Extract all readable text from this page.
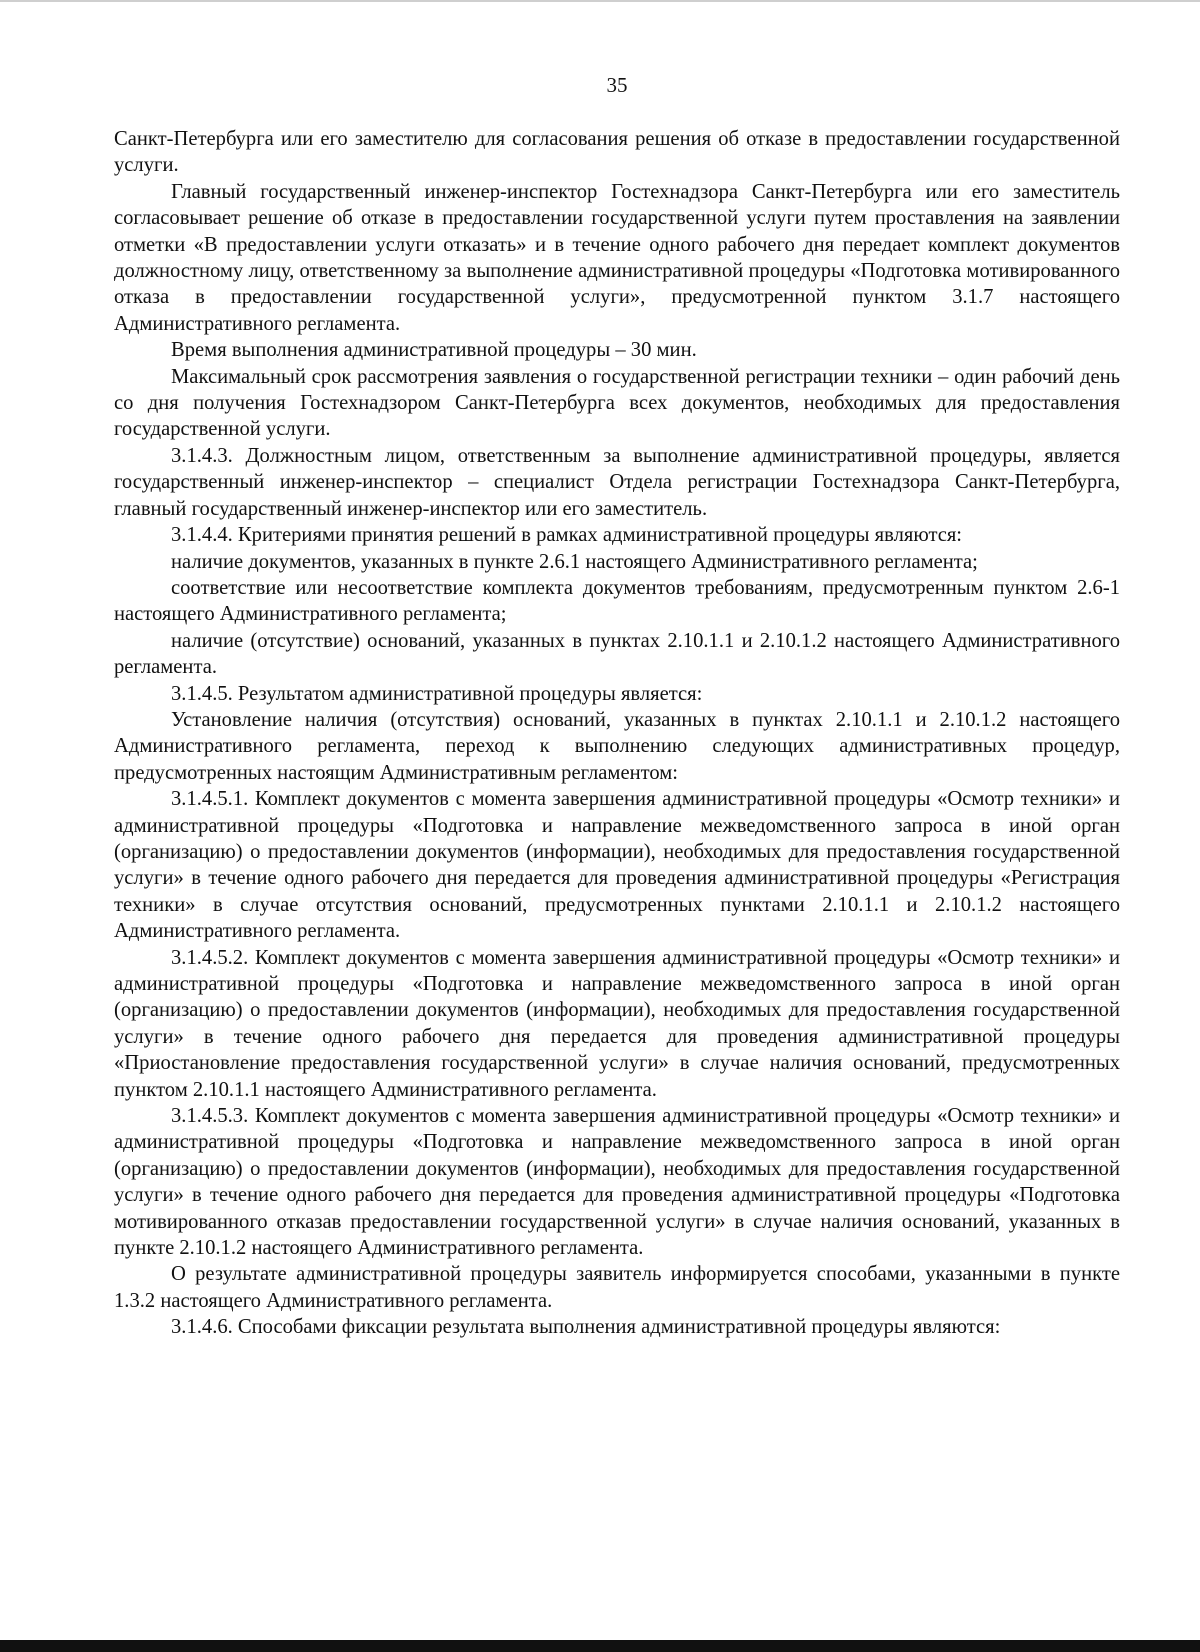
35

Санкт-Петербурга или его заместителю для согласования решения об отказе в предоставлении государственной услуги.

Главный государственный инженер-инспектор Гостехнадзора Санкт-Петербурга или его заместитель согласовывает решение об отказе в предоставлении государственной услуги путем проставления на заявлении отметки «В предоставлении услуги отказать» и в течение одного рабочего дня передает комплект документов должностному лицу, ответственному за выполнение административной процедуры «Подготовка мотивированного отказа в предоставлении государственной услуги», предусмотренной пунктом 3.1.7 настоящего Административного регламента.

Время выполнения административной процедуры – 30 мин.

Максимальный срок рассмотрения заявления о государственной регистрации техники – один рабочий день со дня получения Гостехнадзором Санкт-Петербурга всех документов, необходимых для предоставления государственной услуги.

3.1.4.3. Должностным лицом, ответственным за выполнение административной процедуры, является государственный инженер-инспектор – специалист Отдела регистрации Гостехнадзора Санкт-Петербурга, главный государственный инженер-инспектор или его заместитель.

3.1.4.4. Критериями принятия решений в рамках административной процедуры являются:

наличие документов, указанных в пункте 2.6.1 настоящего Административного регламента;

соответствие или несоответствие комплекта документов требованиям, предусмотренным пунктом 2.6-1 настоящего Административного регламента;

наличие (отсутствие) оснований, указанных в пунктах 2.10.1.1 и 2.10.1.2 настоящего Административного регламента.

3.1.4.5. Результатом административной процедуры является:

Установление наличия (отсутствия) оснований, указанных в пунктах 2.10.1.1 и 2.10.1.2 настоящего Административного регламента, переход к выполнению следующих административных процедур, предусмотренных настоящим Административным регламентом:

3.1.4.5.1. Комплект документов с момента завершения административной процедуры «Осмотр техники» и административной процедуры «Подготовка и направление межведомственного запроса в иной орган (организацию) о предоставлении документов (информации), необходимых для предоставления государственной услуги» в течение одного рабочего дня передается для проведения административной процедуры «Регистрация техники» в случае отсутствия оснований, предусмотренных пунктами 2.10.1.1 и 2.10.1.2 настоящего Административного регламента.

3.1.4.5.2. Комплект документов с момента завершения административной процедуры «Осмотр техники» и административной процедуры «Подготовка и направление межведомственного запроса в иной орган (организацию) о предоставлении документов (информации), необходимых для предоставления государственной услуги» в течение одного рабочего дня передается для проведения административной процедуры «Приостановление предоставления государственной услуги» в случае наличия оснований, предусмотренных пунктом 2.10.1.1 настоящего Административного регламента.

3.1.4.5.3. Комплект документов с момента завершения административной процедуры «Осмотр техники» и административной процедуры «Подготовка и направление межведомственного запроса в иной орган (организацию) о предоставлении документов (информации), необходимых для предоставления государственной услуги» в течение одного рабочего дня передается для проведения административной процедуры «Подготовка мотивированного отказав предоставлении государственной услуги» в случае наличия оснований, указанных в пункте 2.10.1.2 настоящего Административного регламента.

О результате административной процедуры заявитель информируется способами, указанными в пункте 1.3.2 настоящего Административного регламента.

3.1.4.6. Способами фиксации результата выполнения административной процедуры являются:
